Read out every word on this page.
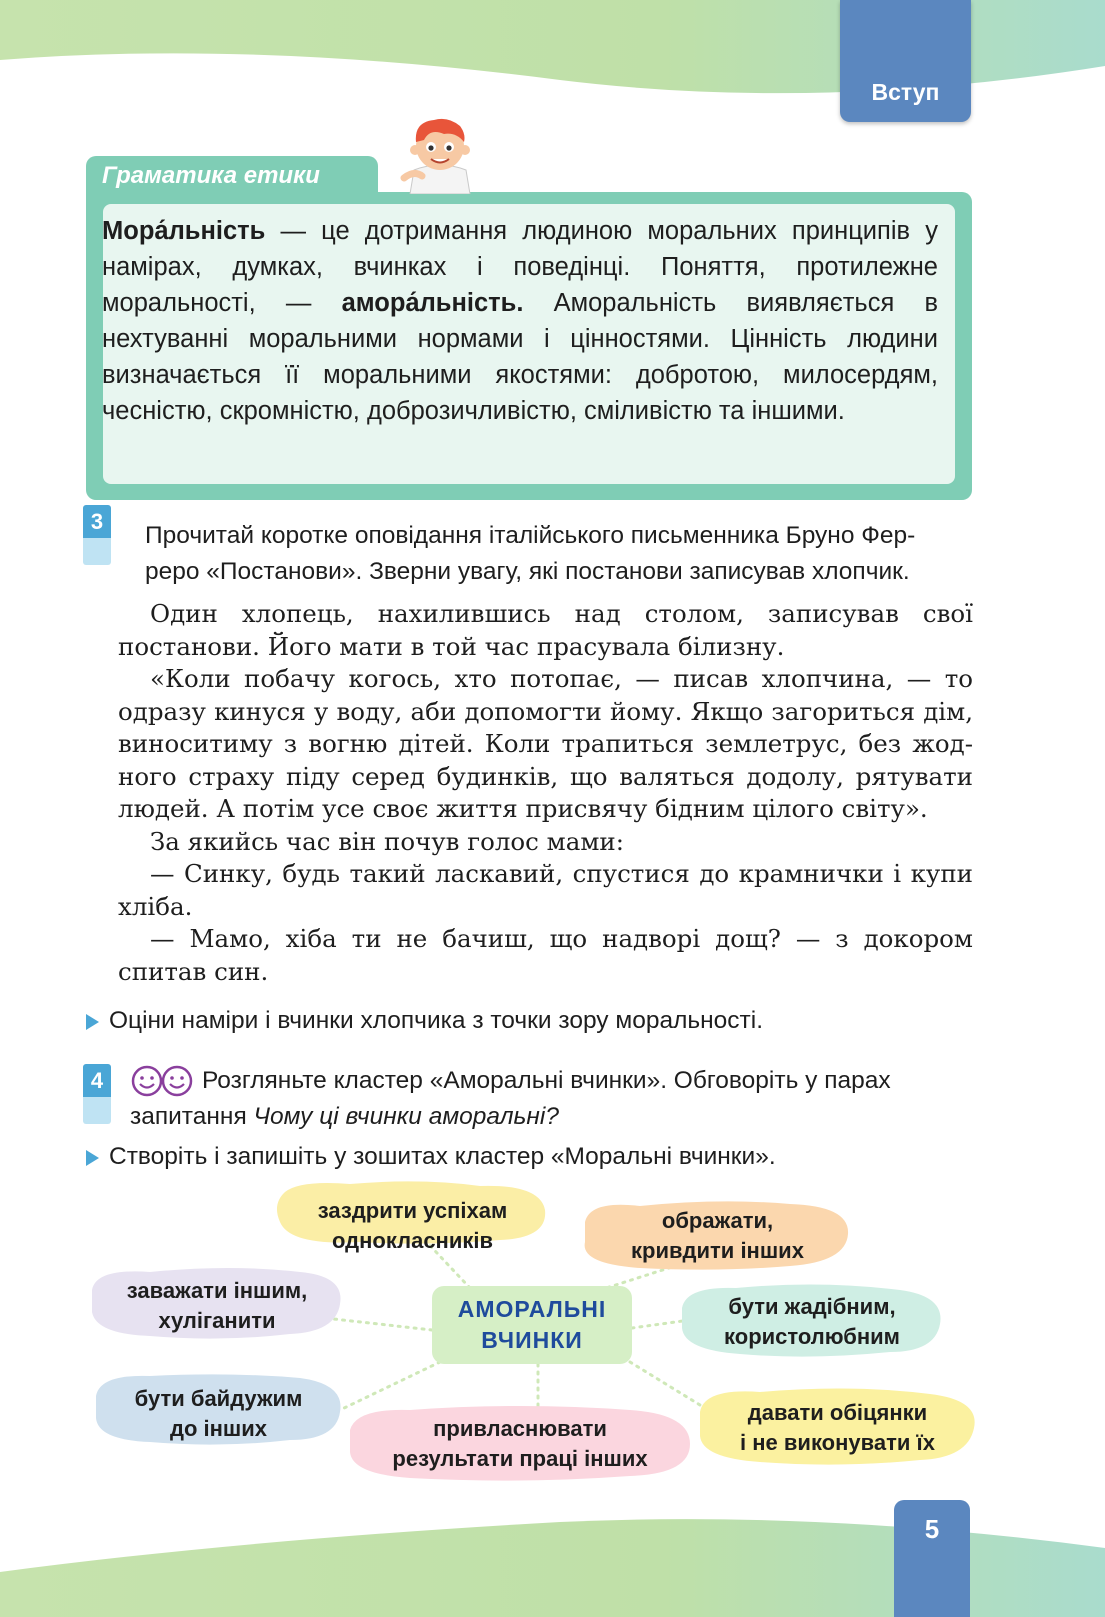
Вступ
Граматика етики
Мора́льність — це дотримання людиною моральних принципів у намірах, думках, вчинках і поведінці. Поняття, протилежне моральності, — амора́льність. Аморальність виявляється в нехтуванні моральними нормами і цінностями. Цінність людини визначається її моральними якостями: добротою, милосердям, чесністю, скромністю, доброзичливістю, сміливістю та іншими.
3
Прочитай коротке оповідання італійського письменника Бруно Фер-
реро «Постанови». Зверни увагу, які постанови записував хлопчик.

Один хлопець, нахилившись над столом, записував свої постанови. Його мати в той час прасувала білизну.

«Коли побачу когось, хто потопає, — писав хлопчина, — то одразу кинуся у воду, аби допомогти йому. Якщо загориться дім, виноситиму з вогню дітей. Коли трапиться землетрус, без жодного страху піду серед будинків, що валяться додолу, рятувати людей. А потім усе своє життя присвячу бідним цілого світу».

За якийсь час він почув голос мами:

— Синку, будь такий ласкавий, спустися до крамнички і купи хліба.

— Мамо, хіба ти не бачиш, що надворі дощ? — з докором спитав син.

Оціни наміри і вчинки хлопчика з точки зору моральності.
4	Розгляньте кластер «Аморальні вчинки». Обговоріть у парах
запитання Чому ці вчинки аморальні?
Створіть і запишіть у зошитах кластер «Моральні вчинки».
АМОРАЛЬНІ
ВЧИНКИ
заздрити успіхам
однокласників
ображати,
кривдити інших
заважати іншим,
хуліганити
бути жадібним,
користолюбним
бути байдужим
до інших	привласнювати
результати праці інших
давати обіцянки
і не виконувати їх
5
